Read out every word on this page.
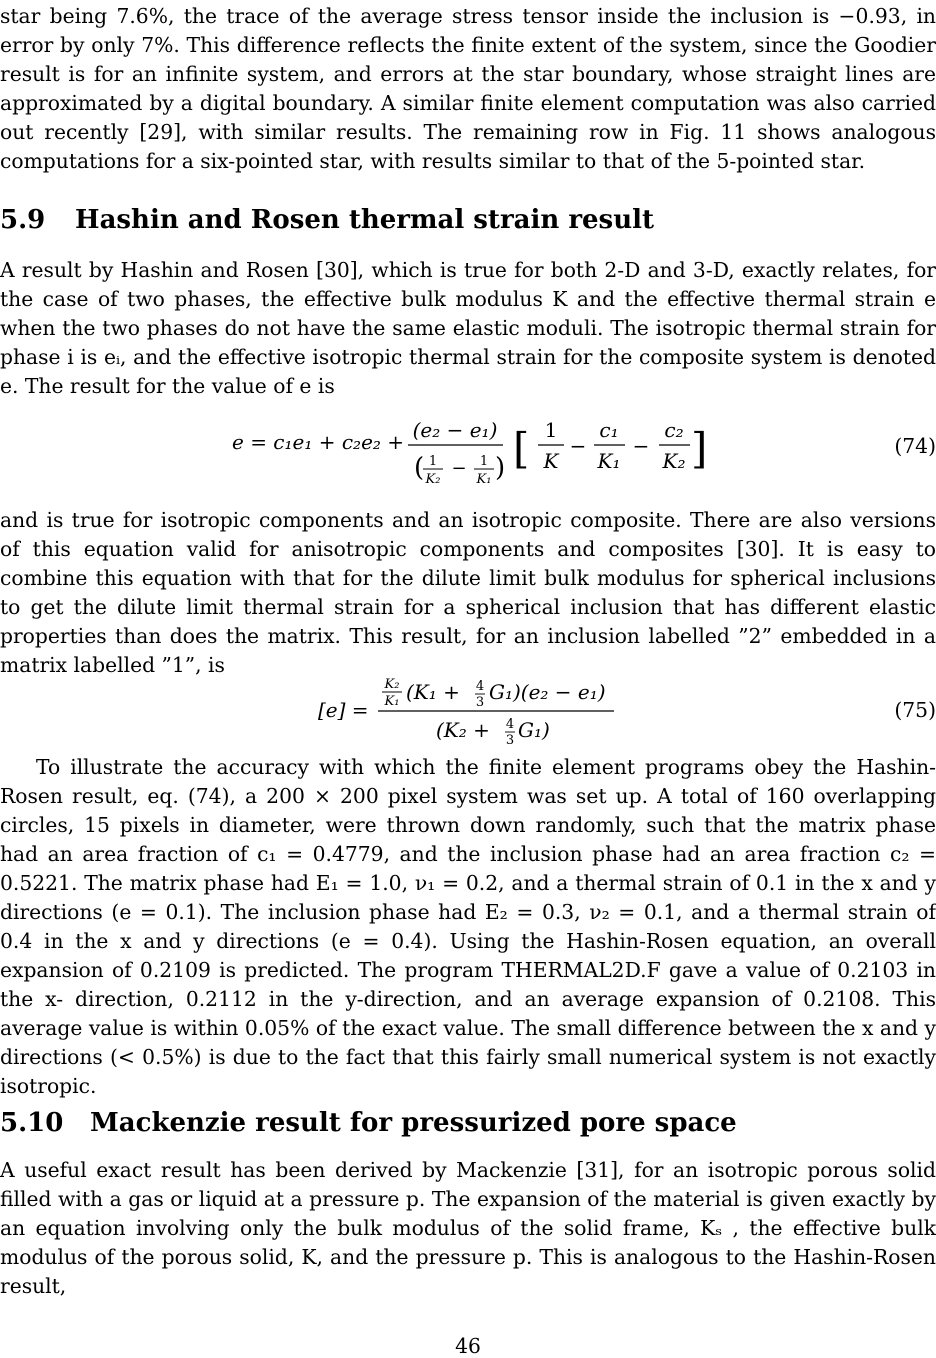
star being 7.6%, the trace of the average stress tensor inside the inclusion is −0.93, in error by only 7%. This difference reflects the finite extent of the system, since the Goodier result is for an infinite system, and errors at the star boundary, whose straight lines are approximated by a digital boundary. A similar finite element computation was also carried out recently [29], with similar results. The remaining row in Fig. 11 shows analogous computations for a six-pointed star, with results similar to that of the 5-pointed star.

5.9 Hashin and Rosen thermal strain result

A result by Hashin and Rosen [30], which is true for both 2-D and 3-D, exactly relates, for the case of two phases, the effective bulk modulus K and the effective thermal strain e when the two phases do not have the same elastic moduli. The isotropic thermal strain for phase i is eᵢ, and the effective isotropic thermal strain for the composite system is denoted e. The result for the value of e is

e = c₁e₁ + c₂e₂ + (e₂ − e₁)
( 1
K₂
− 1
K₁ ) [ 1
K
−
c₁
K₁
−
c₂
K₂ ]	(74)

and is true for isotropic components and an isotropic composite. There are also versions of this equation valid for anisotropic components and composites [30]. It is easy to combine this equation with that for the dilute limit bulk modulus for spherical inclusions to get the dilute limit thermal strain for a spherical inclusion that has different elastic properties than does the matrix. This result, for an inclusion labelled ”2” embedded in a matrix labelled ”1”, is

[e] =
K₂
K₁ (K₁ + 4
3 G₁)(e₂ − e₁)
(K₂ + 4
3 G₁)
(75)

To illustrate the accuracy with which the finite element programs obey the Hashin-Rosen result, eq. (74), a 200 × 200 pixel system was set up. A total of 160 overlapping circles, 15 pixels in diameter, were thrown down randomly, such that the matrix phase had an area fraction of c₁ = 0.4779, and the inclusion phase had an area fraction c₂ = 0.5221. The matrix phase had E₁ = 1.0, ν₁ = 0.2, and a thermal strain of 0.1 in the x and y directions (e = 0.1). The inclusion phase had E₂ = 0.3, ν₂ = 0.1, and a thermal strain of 0.4 in the x and y directions (e = 0.4). Using the Hashin-Rosen equation, an overall expansion of 0.2109 is predicted. The program THERMAL2D.F gave a value of 0.2103 in the x- direction, 0.2112 in the y-direction, and an average expansion of 0.2108. This average value is within 0.05% of the exact value. The small difference between the x and y directions (< 0.5%) is due to the fact that this fairly small numerical system is not exactly isotropic.

5.10 Mackenzie result for pressurized pore space

A useful exact result has been derived by Mackenzie [31], for an isotropic porous solid filled with a gas or liquid at a pressure p. The expansion of the material is given exactly by an equation involving only the bulk modulus of the solid frame, Kₛ , the effective bulk modulus of the porous solid, K, and the pressure p. This is analogous to the Hashin-Rosen result,

46
